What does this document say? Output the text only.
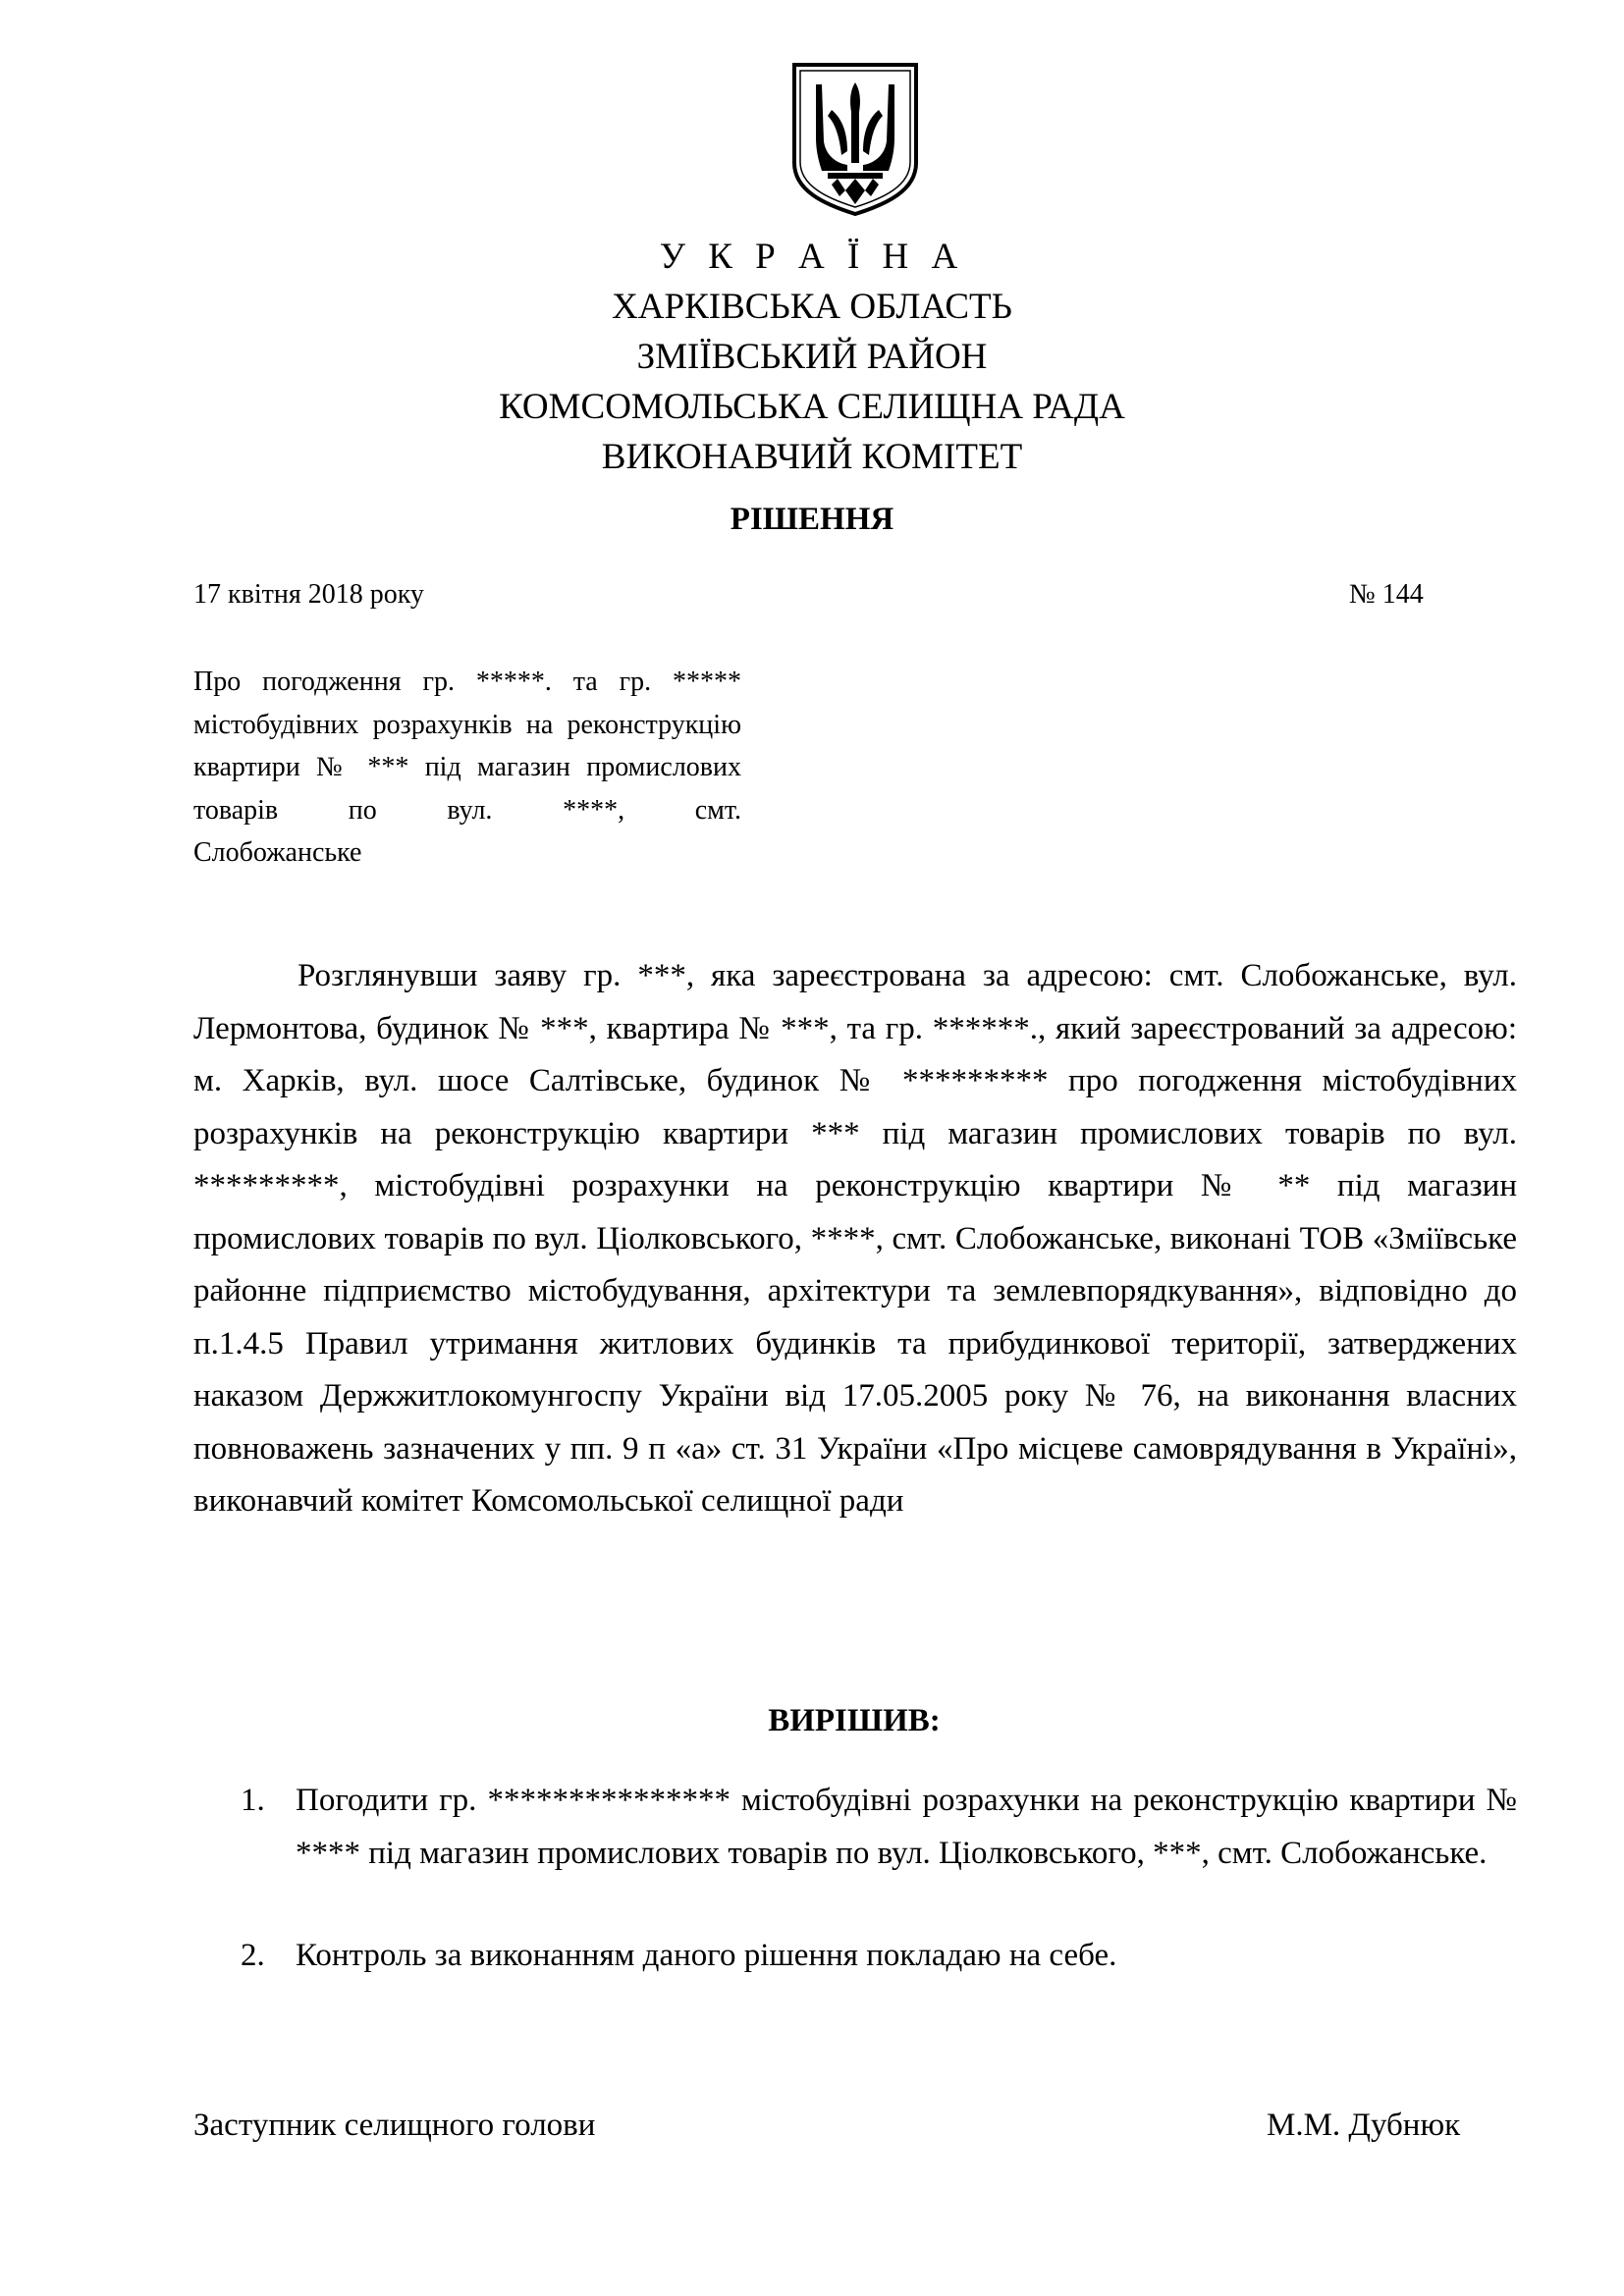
У К Р А Ї Н А
ХАРКІВСЬКА ОБЛАСТЬ
ЗМІЇВСЬКИЙ РАЙОН
КОМСОМОЛЬСЬКА СЕЛИЩНА РАДА
ВИКОНАВЧИЙ КОМІТЕТ
РІШЕННЯ
17 квітня 2018 року	№ 144
Про погодження гр. *****. та гр. ***** містобудівних розрахунків на реконструкцію квартири № *** під магазин промислових товарів по вул. ****, смт.
Слобожанське

Розглянувши заяву гр. ***, яка зареєстрована за адресою: смт. Слобожанське, вул. Лермонтова, будинок № ***, квартира № ***, та гр. ******., який зареєстрований за адресою: м. Харків, вул. шосе Салтівське, будинок № ********* про погодження містобудівних розрахунків на реконструкцію квартири *** під магазин промислових товарів по вул. *********, містобудівні розрахунки на реконструкцію квартири № ** під магазин промислових товарів по вул. Ціолковського, ****, смт. Слобожанське, виконані ТОВ «Зміївське районне підприємство містобудування, архітектури та землевпорядкування», відповідно до п.1.4.5 Правил утримання житлових будинків та прибудинкової території, затверджених наказом Держжитлокомунгоспу України від 17.05.2005 року № 76, на виконання власних повноважень зазначених у пп. 9 п «а» ст. 31 України «Про місцеве самоврядування в Україні», виконавчий комітет Комсомольської селищної ради

ВИРІШИВ:
1. Погодити гр. *************** містобудівні розрахунки на реконструкцію квартири № **** під магазин промислових товарів по вул. Ціолковського, ***, смт. Слобожанське.
2. Контроль за виконанням даного рішення покладаю на себе.
Заступник селищного голови	М.М. Дубнюк
